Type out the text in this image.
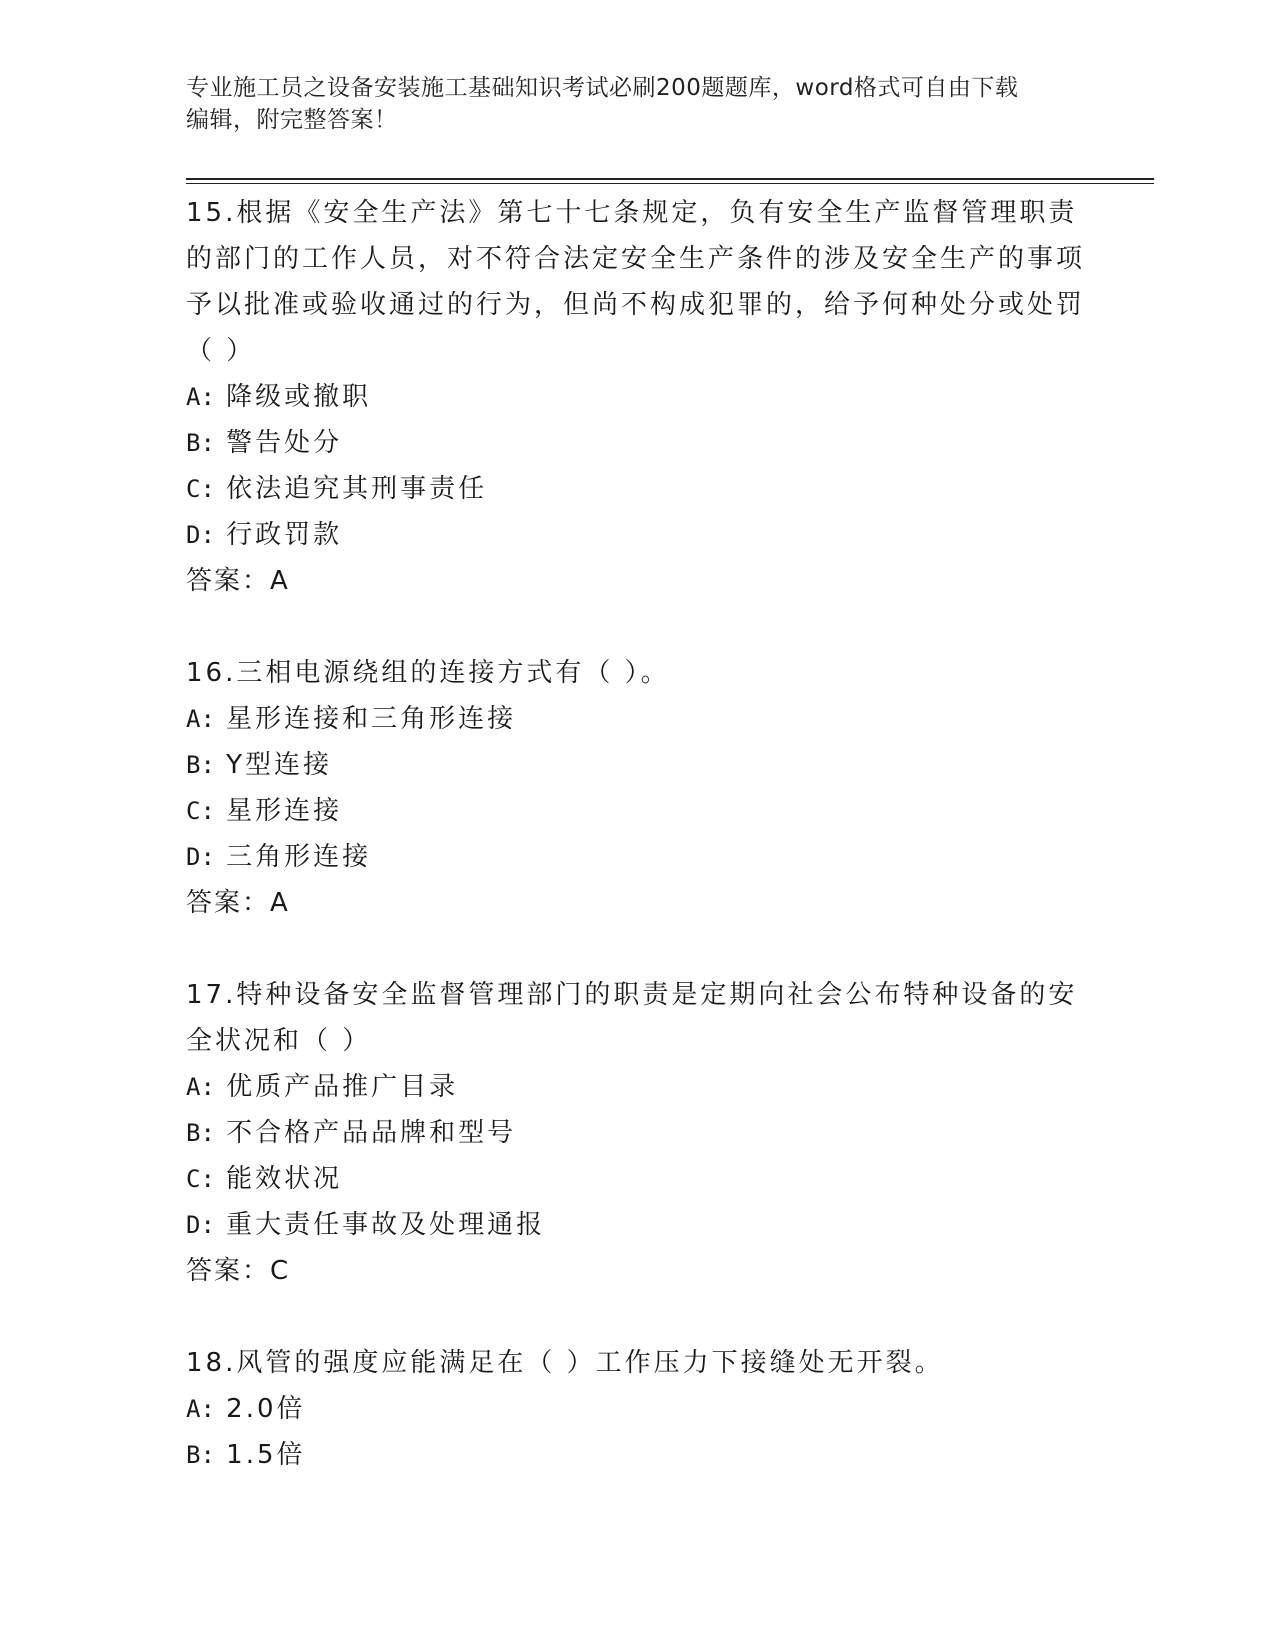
专业施工员之设备安装施工基础知识考试必刷200题题库，word格式可自由下载
编辑，附完整答案！

15.根据《安全生产法》第七十七条规定，负有安全生产监督管理职责的部门的工作人员，对不符合法定安全生产条件的涉及安全生产的事项予以批准或验收通过的行为，但尚不构成犯罪的，给予何种处分或处罚（ ）

A: 降级或撤职
B: 警告处分
C: 依法追究其刑事责任
D: 行政罚款
答案：A

16.三相电源绕组的连接方式有（ ）。

A: 星形连接和三角形连接
B: Y型连接
C: 星形连接
D: 三角形连接
答案：A

17.特种设备安全监督管理部门的职责是定期向社会公布特种设备的安全状况和（ ）

A: 优质产品推广目录
B: 不合格产品品牌和型号
C: 能效状况
D: 重大责任事故及处理通报
答案：C

18.风管的强度应能满足在（ ）工作压力下接缝处无开裂。

A: 2.0倍
B: 1.5倍
